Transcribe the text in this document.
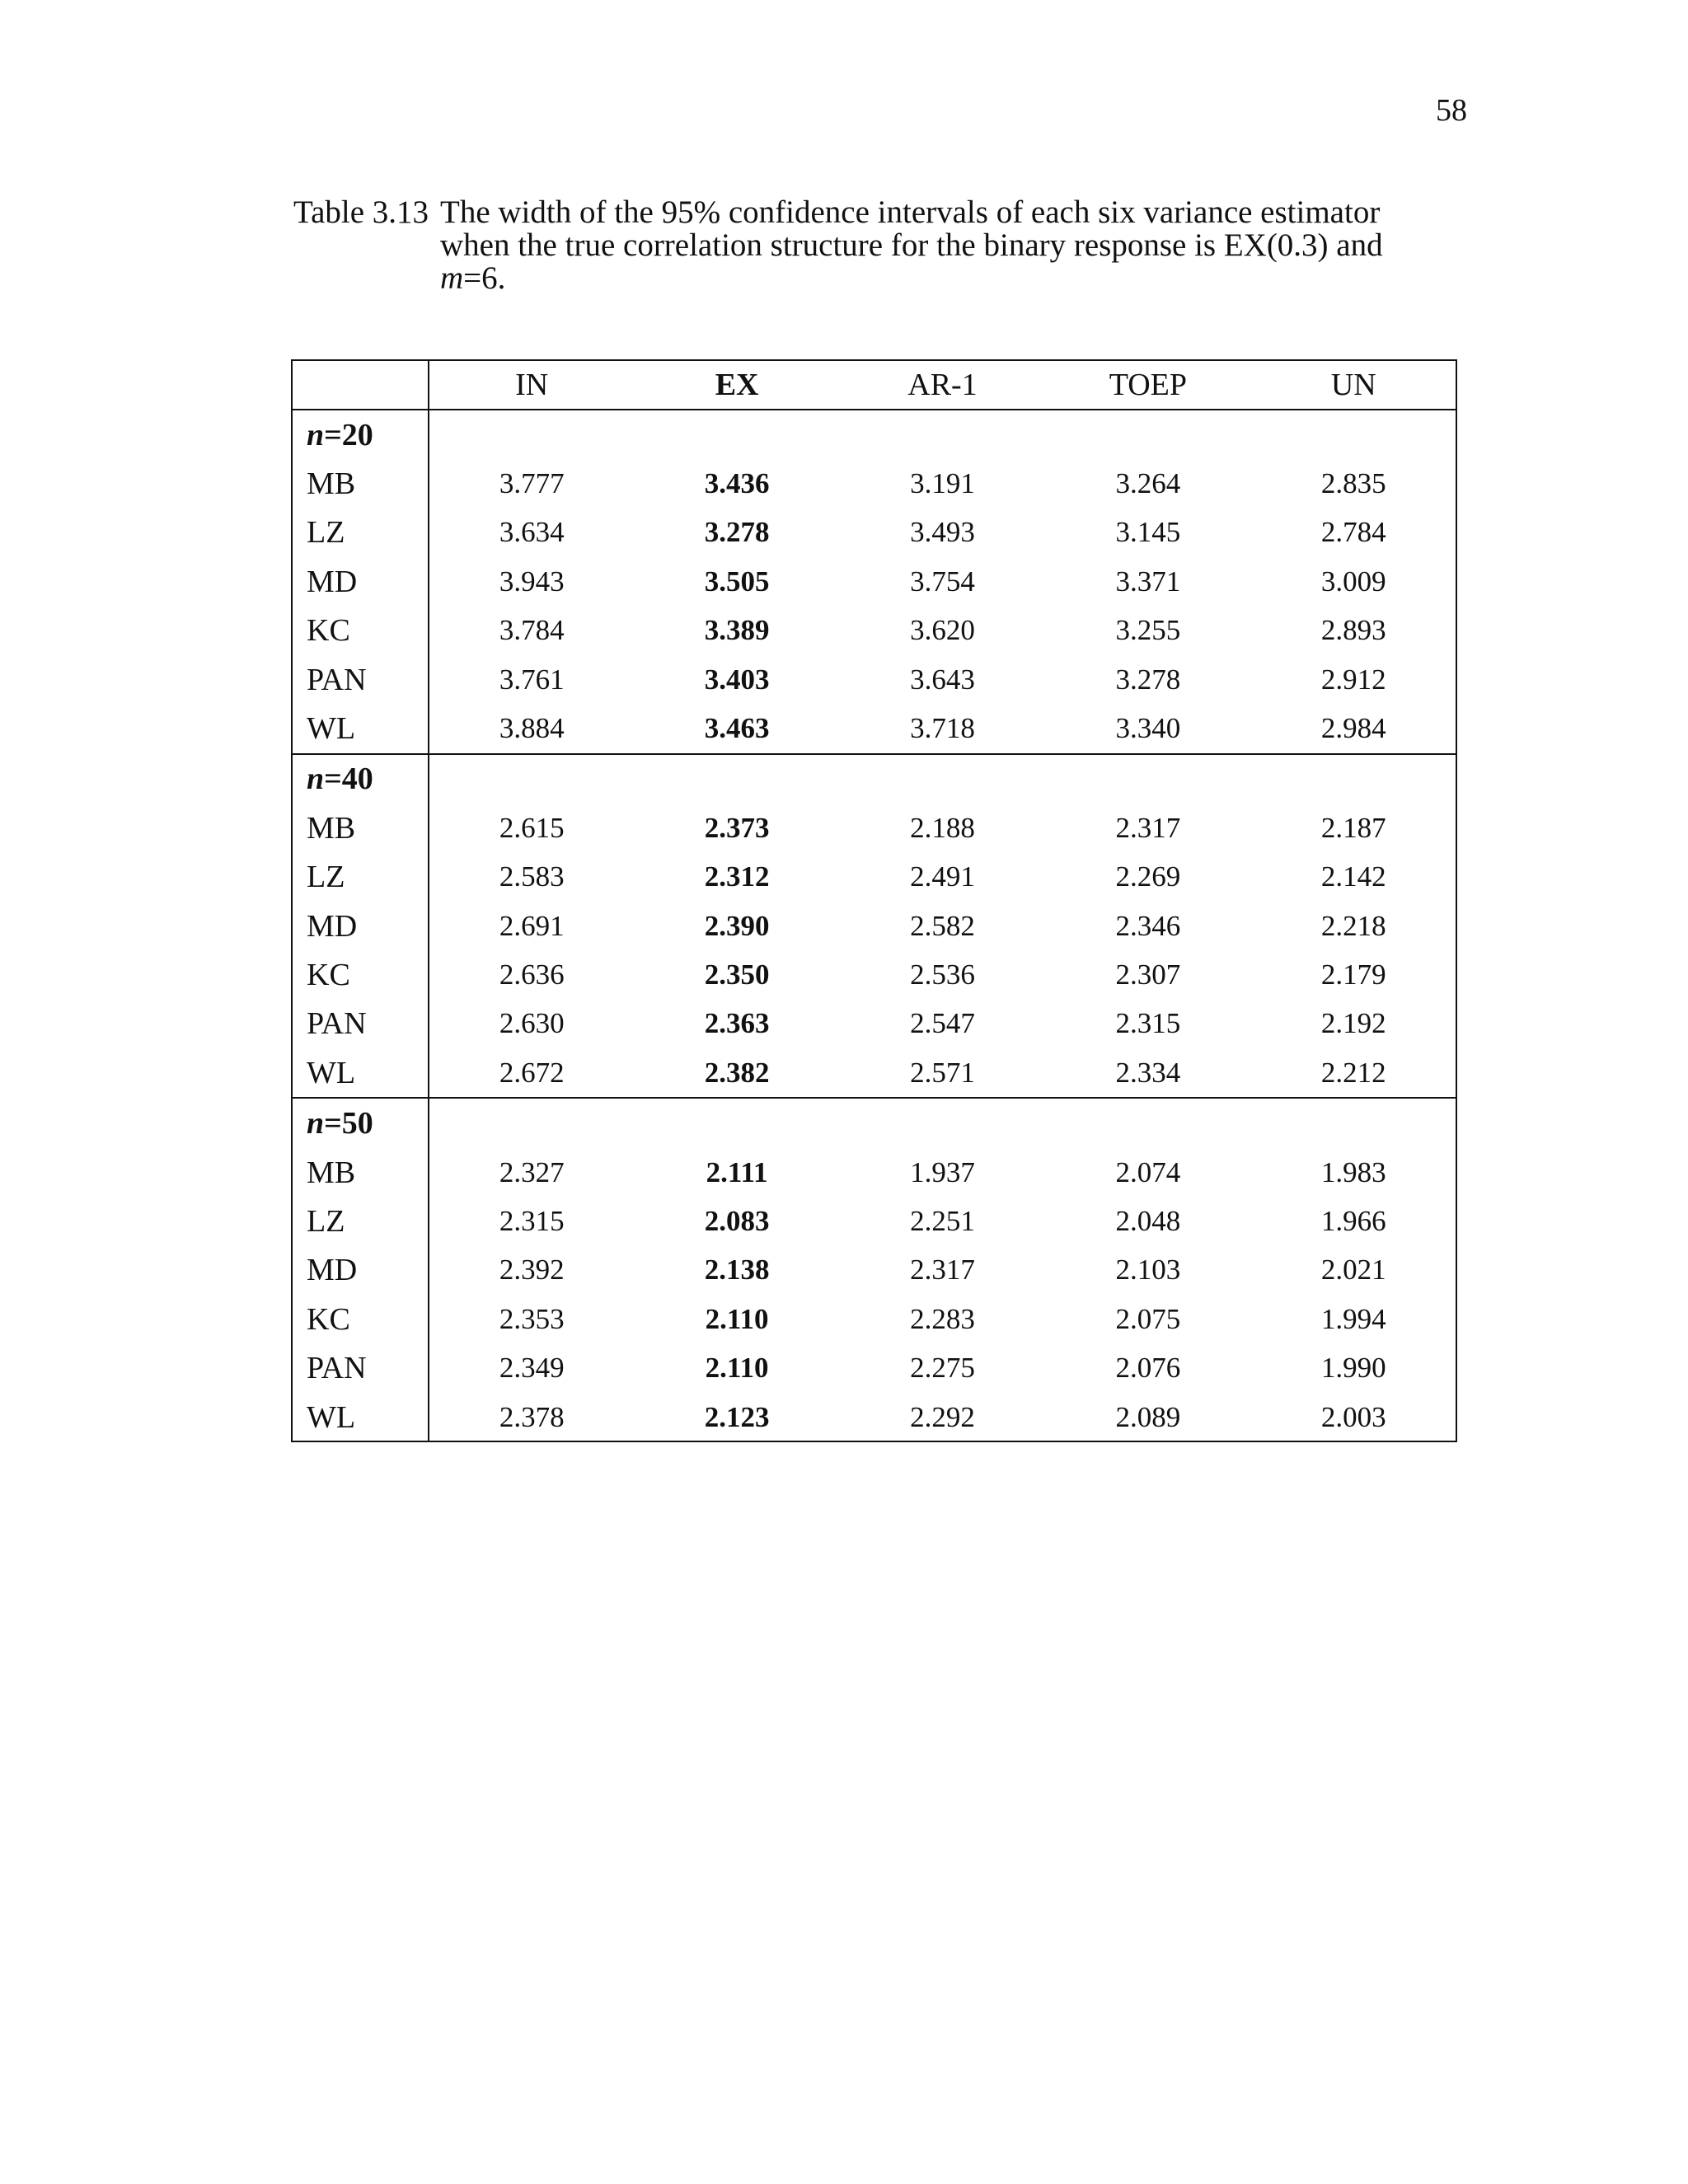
58
Table 3.13 The width of the 95% confidence intervals of each six variance estimator
when the true correlation structure for the binary response is EX(0.3) and
m=6.
	IN	EX	AR-1	TOEP	UN
n=20					
MB	3.777	3.436	3.191	3.264	2.835
LZ	3.634	3.278	3.493	3.145	2.784
MD	3.943	3.505	3.754	3.371	3.009
KC	3.784	3.389	3.620	3.255	2.893
PAN	3.761	3.403	3.643	3.278	2.912
WL	3.884	3.463	3.718	3.340	2.984
n=40					
MB	2.615	2.373	2.188	2.317	2.187
LZ	2.583	2.312	2.491	2.269	2.142
MD	2.691	2.390	2.582	2.346	2.218
KC	2.636	2.350	2.536	2.307	2.179
PAN	2.630	2.363	2.547	2.315	2.192
WL	2.672	2.382	2.571	2.334	2.212
n=50					
MB	2.327	2.111	1.937	2.074	1.983
LZ	2.315	2.083	2.251	2.048	1.966
MD	2.392	2.138	2.317	2.103	2.021
KC	2.353	2.110	2.283	2.075	1.994
PAN	2.349	2.110	2.275	2.076	1.990
WL	2.378	2.123	2.292	2.089	2.003
